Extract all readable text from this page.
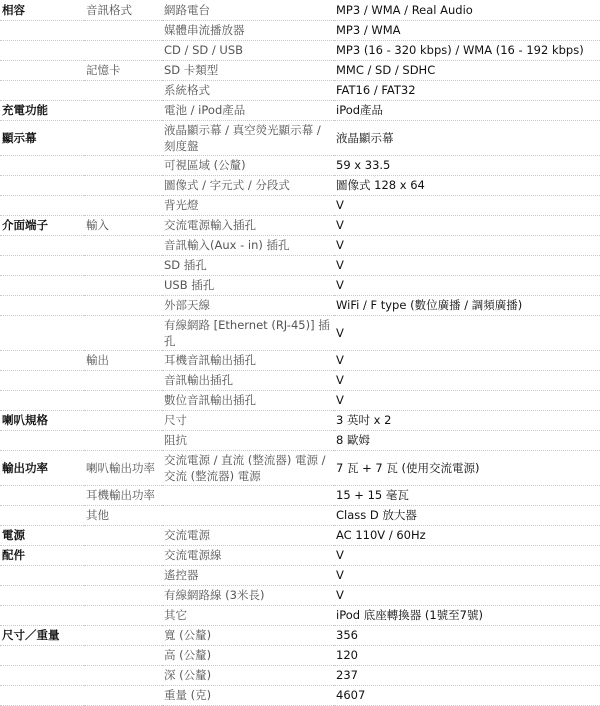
相容	音訊格式	網路電台	MP3 / WMA / Real Audio
		媒體串流播放器	MP3 / WMA
		CD / SD / USB	MP3 (16 - 320 kbps) / WMA (16 - 192 kbps)
	記憶卡	SD 卡類型	MMC / SD / SDHC
		系統格式	FAT16 / FAT32
充電功能		電池 / iPod產品	iPod產品
顯示幕		液晶顯示幕 / 真空熒光顯示幕 / 刻度盤	液晶顯示幕
		可視區域 (公釐)	59 x 33.5
		圖像式 / 字元式 / 分段式	圖像式 128 x 64
		背光燈	V
介面端子	輸入	交流電源輸入插孔	V
		音訊輸入(Aux - in) 插孔	V
		SD 插孔	V
		USB 插孔	V
		外部天線	WiFi / F type (數位廣播 / 調頻廣播)
		有線網路 [Ethernet (RJ-45)] 插孔	V
	輸出	耳機音訊輸出插孔	V
		音訊輸出插孔	V
		數位音訊輸出插孔	V
喇叭規格		尺寸	3 英吋 x 2
		阻抗	8 歐姆
輸出功率	喇叭輸出功率	交流電源 / 直流 (整流器) 電源 / 交流 (整流器) 電源	7 瓦 + 7 瓦 (使用交流電源)
	耳機輸出功率		15 + 15 毫瓦
	其他		Class D 放大器
電源		交流電源	AC 110V / 60Hz
配件		交流電源線	V
		遙控器	V
		有線網路線 (3米長)	V
		其它	iPod 底座轉換器 (1號至7號)
尺寸／重量		寬 (公釐)	356
		高 (公釐)	120
		深 (公釐)	237
		重量 (克)	4607
